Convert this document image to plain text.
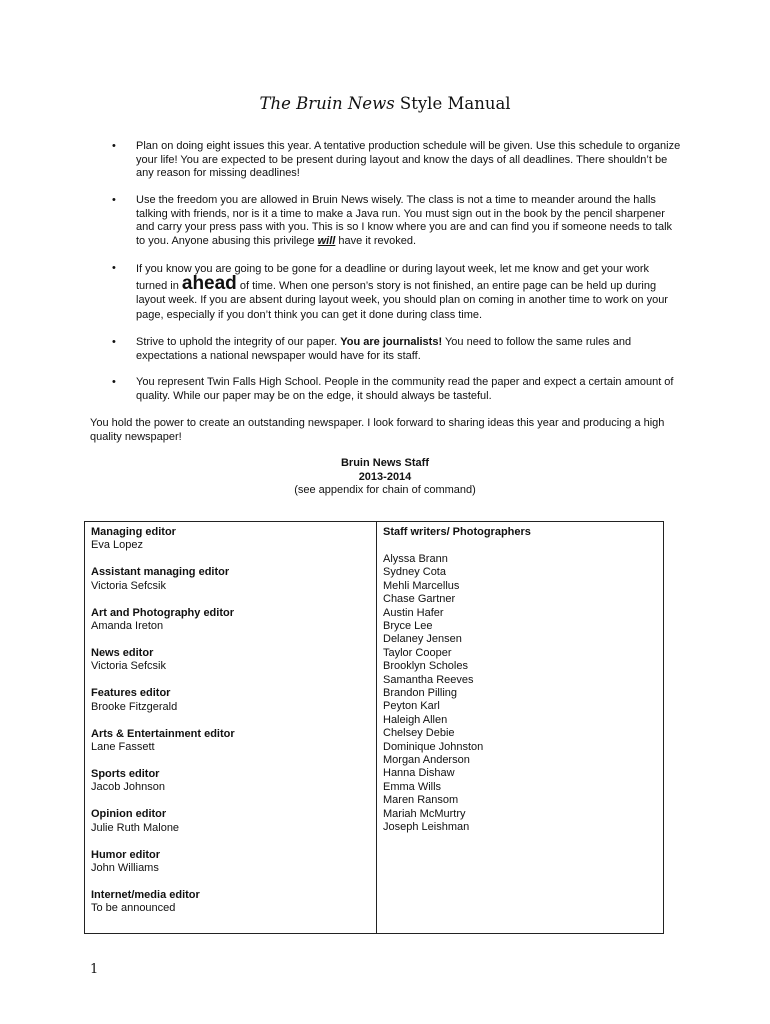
The Bruin News Style Manual
• Plan on doing eight issues this year. A tentative production schedule will be given. Use this schedule to organize your life! You are expected to be present during layout and know the days of all deadlines. There shouldn’t be any reason for missing deadlines!
• Use the freedom you are allowed in Bruin News wisely. The class is not a time to meander around the halls talking with friends, nor is it a time to make a Java run. You must sign out in the book by the pencil sharpener and carry your press pass with you. This is so I know where you are and can find you if someone needs to talk to you. Anyone abusing this privilege will have it revoked.
• If you know you are going to be gone for a deadline or during layout week, let me know and get your work turned in ahead of time. When one person’s story is not finished, an entire page can be held up during layout week. If you are absent during layout week, you should plan on coming in another time to work on your page, especially if you don’t think you can get it done during class time.
• Strive to uphold the integrity of our paper. You are journalists! You need to follow the same rules and expectations a national newspaper would have for its staff.
• You represent Twin Falls High School. People in the community read the paper and expect a certain amount of quality. While our paper may be on the edge, it should always be tasteful.
You hold the power to create an outstanding newspaper. I look forward to sharing ideas this year and producing a high quality newspaper!
Bruin News Staff
2013-2014
(see appendix for chain of command)
Managing editor
Eva Lopez
Assistant managing editor
Victoria Sefcsik
Art and Photography editor
Amanda Ireton
News editor
Victoria Sefcsik
Features editor
Brooke Fitzgerald
Arts & Entertainment editor
Lane Fassett
Sports editor
Jacob Johnson
Opinion editor
Julie Ruth Malone
Humor editor
John Williams
Internet/media editor
To be announced

Staff writers/ Photographers
Alyssa Brann
Sydney Cota
Mehli Marcellus
Chase Gartner
Austin Hafer
Bryce Lee
Delaney Jensen
Taylor Cooper
Brooklyn Scholes
Samantha Reeves
Brandon Pilling
Peyton Karl
Haleigh Allen
Chelsey Debie
Dominique Johnston
Morgan Anderson
Hanna Dishaw
Emma Wills
Maren Ransom
Mariah McMurtry
Joseph Leishman
1
